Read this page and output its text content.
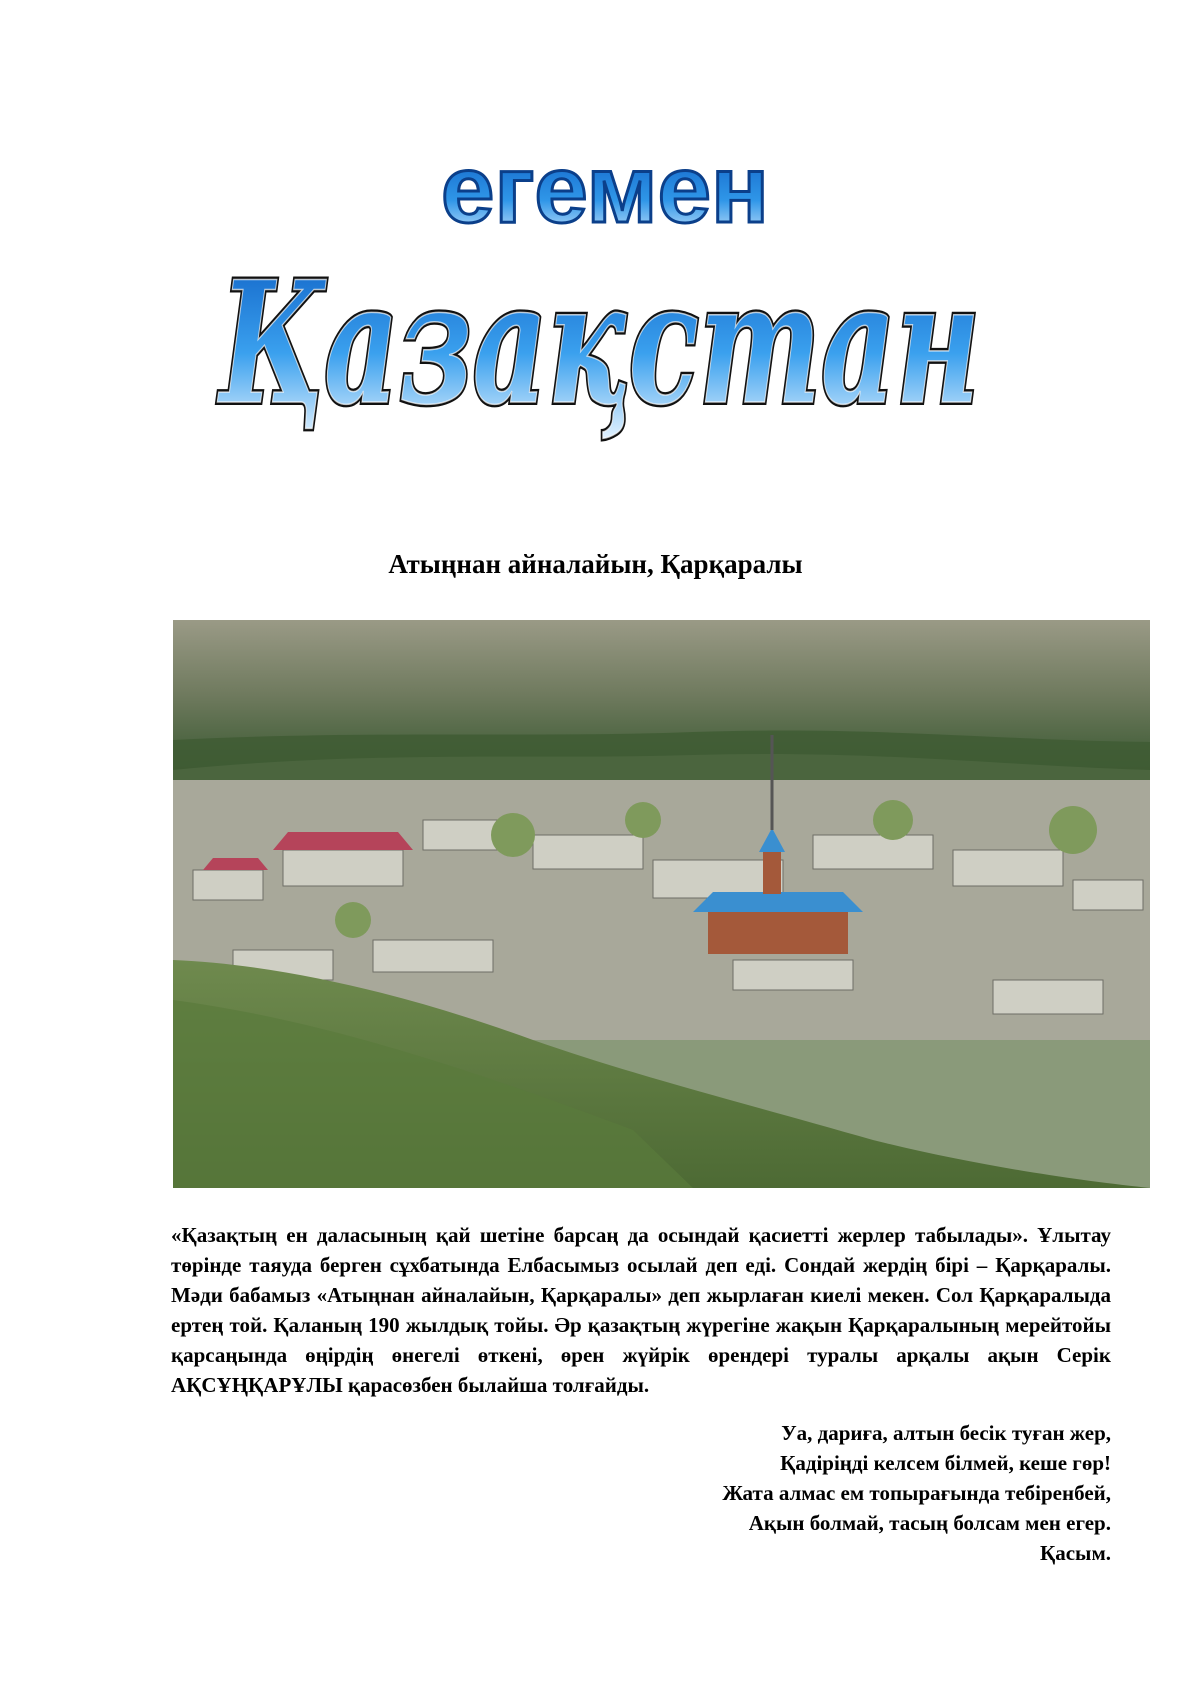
егемен
Қазақстан
Қазақстан
Атыңнан айналайын, Қарқаралы

«Қазақтың ен даласының қай шетіне барсаң да осындай қасиетті жерлер табылады». Ұлытау төрінде таяуда берген сұхбатында Елбасымыз осылай деп еді. Сондай жердің бірі – Қарқаралы. Мәди бабамыз «Атыңнан айналайын, Қарқаралы» деп жырлаған киелі мекен. Сол Қарқаралыда ертең той. Қаланың 190 жылдық тойы. Әр қазақтың жүрегіне жақын Қарқаралының мерейтойы қарсаңында өңірдің өнегелі өткені, өрен жүйрік өрендері туралы арқалы ақын Серік АҚСҰҢҚАРҰЛЫ қарасөзбен былайша толғайды.

Уа, дариға, алтын бесік туған жер,
Қадіріңді келсем білмей, кеше гөр!
Жата алмас ем топырағында тебіренбей,
Ақын болмай, тасың болсам мен егер.
Қасым.
